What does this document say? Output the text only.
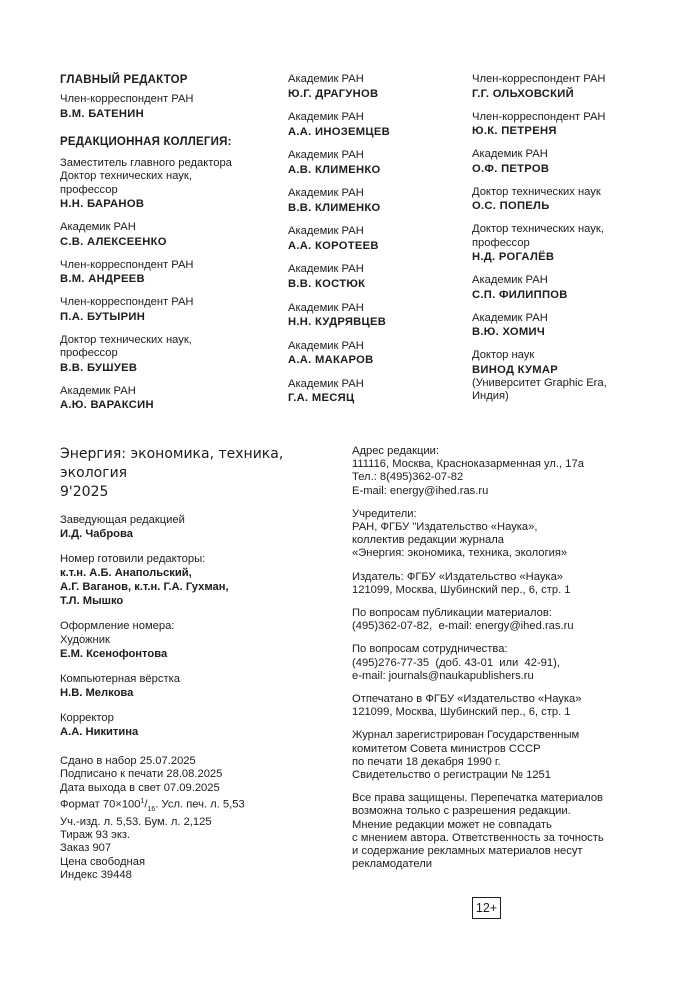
ГЛАВНЫЙ РЕДАКТОР
Член-корреспондент РАН
В.М. БАТЕНИН
РЕДАКЦИОННАЯ КОЛЛЕГИЯ:
Заместитель главного редактора
Доктор технических наук,
профессор
Н.Н. БАРАНОВ
Академик РАН
С.В. АЛЕКСЕЕНКО
Член-корреспондент РАН
В.М. АНДРЕЕВ
Член-корреспондент РАН
П.А. БУТЫРИН
Доктор технических наук,
профессор
В.В. БУШУЕВ
Академик РАН
А.Ю. ВАРАКСИН
Академик РАН
Ю.Г. ДРАГУНОВ
Академик РАН
А.А. ИНОЗЕМЦЕВ
Академик РАН
А.В. КЛИМЕНКО
Академик РАН
В.В. КЛИМЕНКО
Академик РАН
А.А. КОРОТЕЕВ
Академик РАН
В.В. КОСТЮК
Академик РАН
Н.Н. КУДРЯВЦЕВ
Академик РАН
А.А. МАКАРОВ
Академик РАН
Г.А. МЕСЯЦ
Член-корреспондент РАН
Г.Г. ОЛЬХОВСКИЙ
Член-корреспондент РАН
Ю.К. ПЕТРЕНЯ
Академик РАН
О.Ф. ПЕТРОВ
Доктор технических наук
О.С. ПОПЕЛЬ
Доктор технических наук,
профессор
Н.Д. РОГАЛЁВ
Академик РАН
С.П. ФИЛИППОВ
Академик РАН
В.Ю. ХОМИЧ
Доктор наук
ВИНОД КУМАР
(Университет Graphic Era,
Индия)
Энергия: экономика, техника, экология
9'2025
Заведующая редакцией
И.Д. Чаброва
Номер готовили редакторы:
к.т.н. А.Б. Анапольский,
А.Г. Ваганов, к.т.н. Г.А. Гухман,
Т.Л. Мышко
Оформление номера:
Художник
Е.М. Ксенофонтова
Компьютерная вёрстка
Н.В. Мелкова
Корректор
А.А. Никитина
Сдано в набор 25.07.2025
Подписано к печати 28.08.2025
Дата выхода в свет 07.09.2025
Формат $70\times 100^1/_{16}$. Усл. печ. л. 5,53
Уч.-изд. л. 5,53. Бум. л. 2,125
Тираж 93 экз.
Заказ 907
Цена свободная
Индекс 39448
Адрес редакции:
111116, Москва, Красноказарменная ул., 17а
Тел.: 8(495)362-07-82
E-mail: energy@ihed.ras.ru
Учредители:
РАН, ФГБУ "Издательство «Наука»,
коллектив редакции журнала
«Энергия: экономика, техника, экология»
Издатель: ФГБУ «Издательство «Наука»
121099, Москва, Шубинский пер., 6, стр. 1
По вопросам публикации материалов:
(495)362-07-82,  e-mail: energy@ihed.ras.ru
По вопросам сотрудничества:
(495)276-77-35  (доб. 43-01  или  42-91),
e-mail: journals@naukapublishers.ru
Отпечатано в ФГБУ «Издательство «Наука»
121099, Москва, Шубинский пер., 6, стр. 1
Журнал зарегистрирован Государственным
комитетом Совета министров СССР
по печати 18 декабря 1990 г.
Свидетельство о регистрации № 1251
Все права защищены. Перепечатка материалов
возможна только с разрешения редакции.
Мнение редакции может не совпадать
с мнением автора. Ответственность за точность
и содержание рекламных материалов несут
рекламодатели
12+
